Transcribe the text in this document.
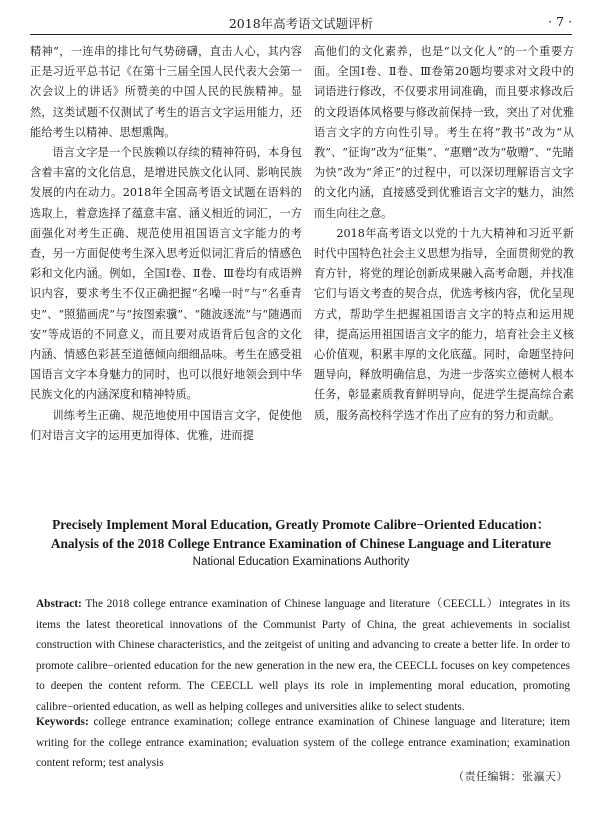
2018年高考语文试题评析	· 7 ·

精神”，一连串的排比句气势磅礴，直击人心，其内容正是习近平总书记《在第十三届全国人民代表大会第一次会议上的讲话》所赞美的中国人民的民族精神。显然，这类试题不仅测试了考生的语言文字运用能力，还能给考生以精神、思想熏陶。

语言文字是一个民族赖以存续的精神符码，本身包含着丰富的文化信息，是增进民族文化认同、影响民族发展的内在动力。2018年全国高考语文试题在语料的选取上，着意选择了蕴意丰富、涵义相近的词汇，一方面强化对考生正确、规范使用祖国语言文字能力的考查，另一方面促使考生深入思考近似词汇背后的情感色彩和文化内涵。例如，全国Ⅰ卷、Ⅱ卷、Ⅲ卷均有成语辨识内容，要求考生不仅正确把握“名噪一时”与“名垂青史”、“照猫画虎”与“按图索骥”、“随波逐流”与“随遇而安”等成语的不同意义，而且要对成语背后包含的文化内涵、情感色彩甚至道德倾向细细品味。考生在感受祖国语言文字本身魅力的同时，也可以很好地领会到中华民族文化的内涵深度和精神特质。

训练考生正确、规范地使用中国语言文字，促使他们对语言文字的运用更加得体、优雅，进而提

高他们的文化素养，也是“以文化人”的一个重要方面。全国Ⅰ卷、Ⅱ卷、Ⅲ卷第20题均要求对文段中的词语进行修改，不仅要求用词准确，而且要求修改后的文段语体风格要与修改前保持一致，突出了对优雅语言文字的方向性引导。考生在将“教书”改为“从教”、“征询”改为“征集”、“惠赠”改为“敬赠”、“先睹为快”改为“斧正”的过程中，可以深切理解语言文字的文化内涵，直接感受到优雅语言文字的魅力，油然而生向往之意。

2018年高考语文以党的十九大精神和习近平新时代中国特色社会主义思想为指导，全面贯彻党的教育方针，将党的理论创新成果融入高考命题，并找准它们与语文考查的契合点，优选考核内容，优化呈现方式，帮助学生把握祖国语言文字的特点和运用规律，提高运用祖国语言文字的能力，培育社会主义核心价值观，积累丰厚的文化底蕴。同时，命题坚持问题导向，释放明确信息，为进一步落实立德树人根本任务，彰显素质教育鲜明导向，促进学生提高综合素质，服务高校科学选才作出了应有的努力和贡献。

Precisely Implement Moral Education, Greatly Promote Calibre−Oriented Education：
Analysis of the 2018 College Entrance Examination of Chinese Language and Literature
National Education Examinations Authority
Abstract: The 2018 college entrance examination of Chinese language and literature（CEECLL）integrates in its items the latest theoretical innovations of the Communist Party of China, the great achievements in socialist construction with Chinese characteristics, and the zeitgeist of uniting and advancing to create a better life. In order to promote calibre−oriented education for the new generation in the new era, the CEECLL focuses on key competences to deepen the content reform. The CEECLL well plays its role in implementing moral education, promoting calibre−oriented education, as well as helping colleges and universities alike to select students.
Keywords: college entrance examination; college entrance examination of Chinese language and literature; item writing for the college entrance examination; evaluation system of the college entrance examination; examination content reform; test analysis
（责任编辑：张瀛天）
